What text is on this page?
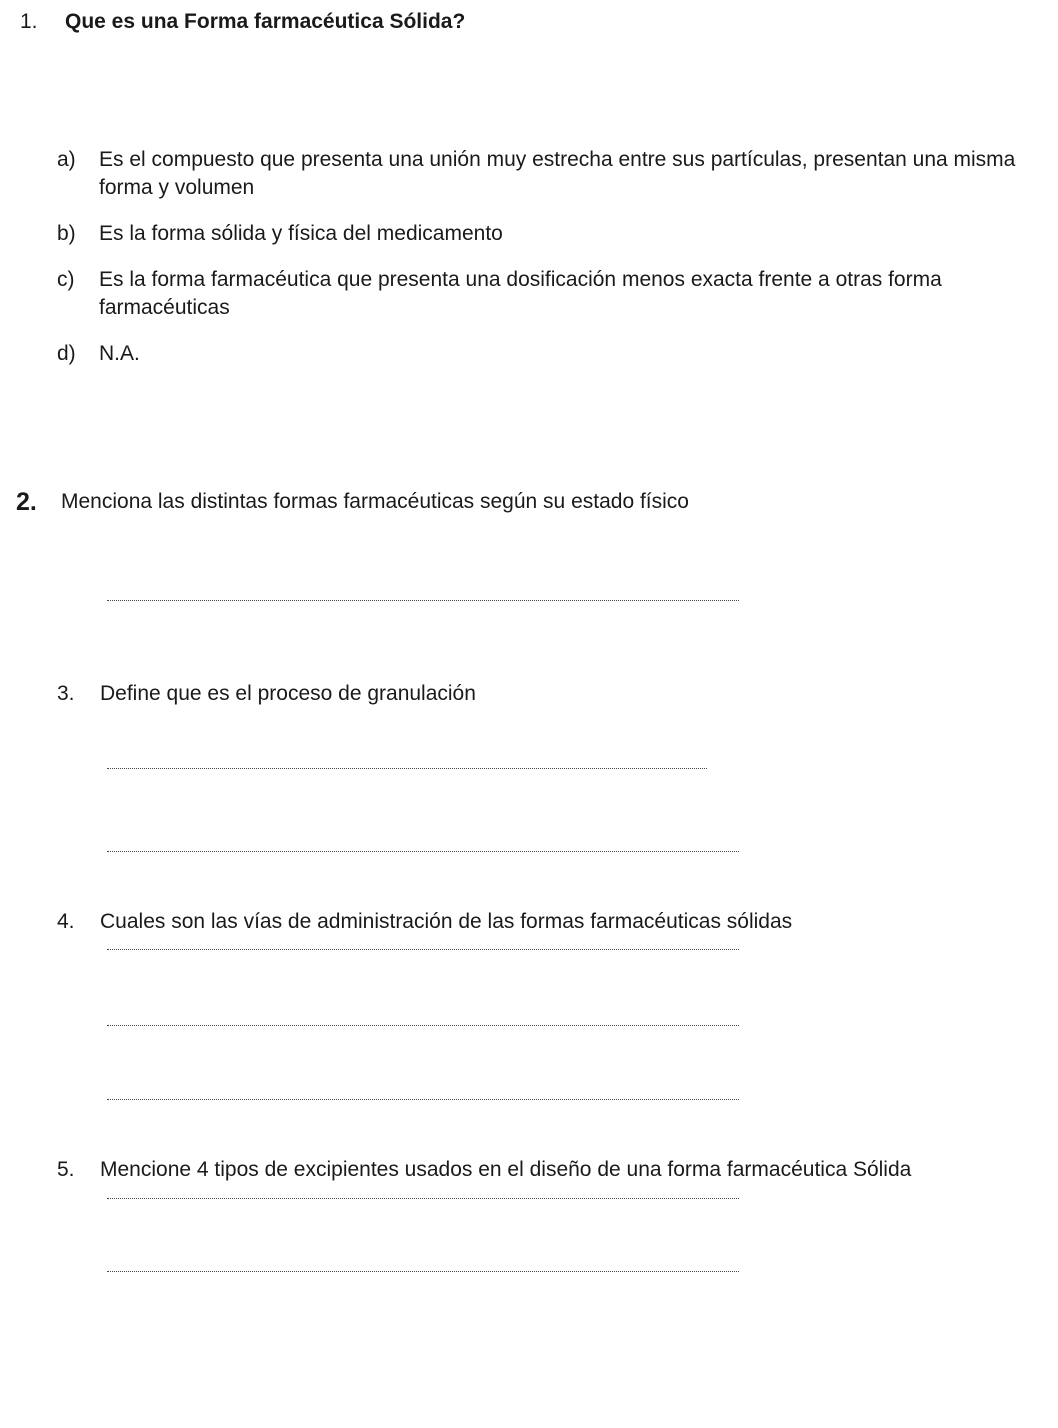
1. Que es una Forma farmacéutica Sólida?
a) Es el compuesto que presenta una unión muy estrecha entre sus partículas, presentan una misma forma y volumen
b) Es la forma sólida y física del medicamento
c) Es la forma farmacéutica que presenta una dosificación menos exacta frente a otras forma farmacéuticas
d) N.A.
2. Menciona las distintas formas farmacéuticas según su estado físico
3. Define que es el proceso de granulación
4. Cuales son las vías de administración de las formas farmacéuticas sólidas
5. Mencione 4 tipos de excipientes usados en el diseño de una forma farmacéutica Sólida
